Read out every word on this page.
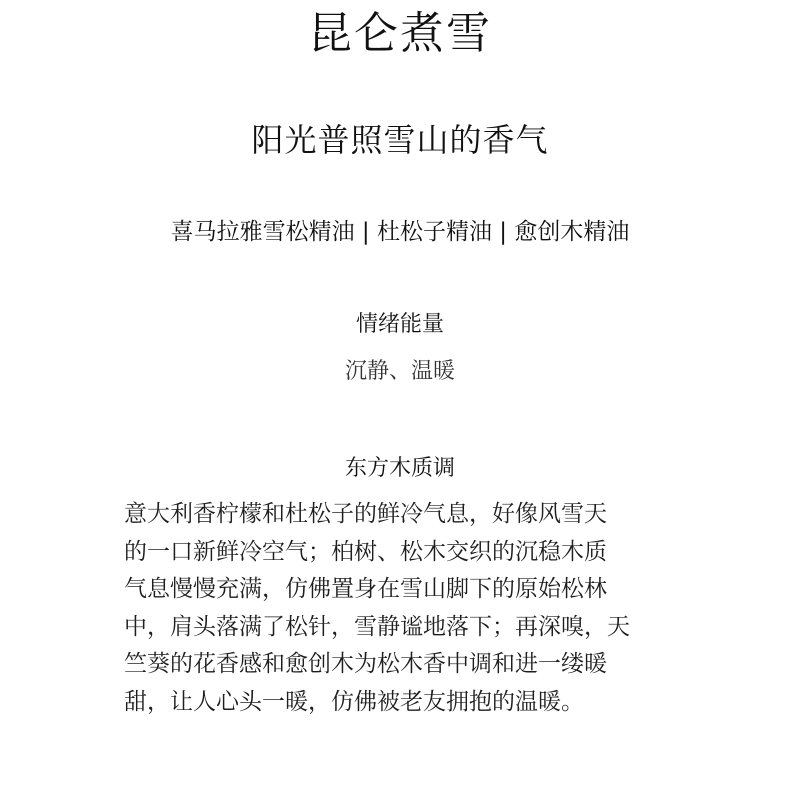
昆仑煮雪
阳光普照雪山的香气
喜马拉雅雪松精油 | 杜松子精油 | 愈创木精油
情绪能量
沉静、温暖
东方木质调
意大利香柠檬和杜松子的鲜冷气息，好像风雪天
的一口新鲜冷空气；柏树、松木交织的沉稳木质
气息慢慢充满，仿佛置身在雪山脚下的原始松林
中，肩头落满了松针，雪静谧地落下；再深嗅，天
竺葵的花香感和愈创木为松木香中调和进一缕暖
甜，让人心头一暖，仿佛被老友拥抱的温暖。
